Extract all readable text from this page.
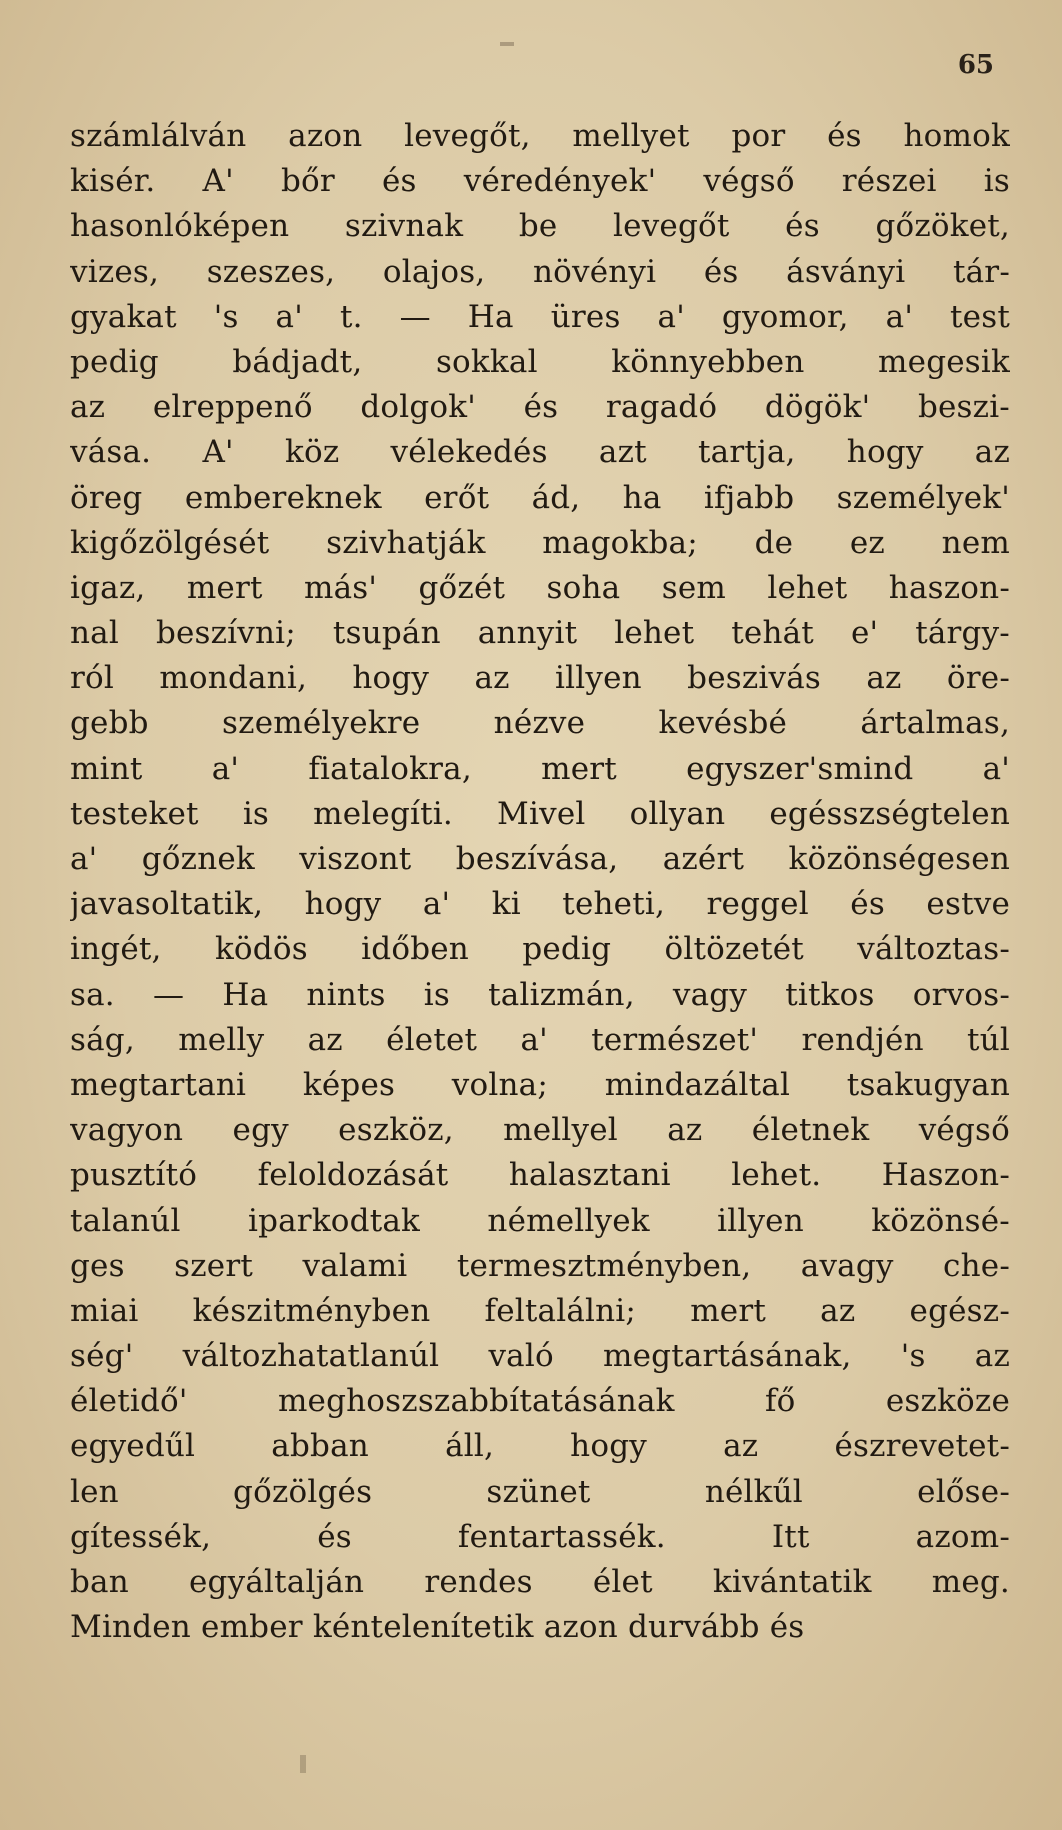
65

számlálván azon levegőt, mellyet por és homok
kisér. A' bőr és véredények' végső részei is
hasonlóképen szivnak be levegőt és gőzöket,
vizes, szeszes, olajos, növényi és ásványi tár-
gyakat 's a' t. — Ha üres a' gyomor, a' test
pedig bádjadt, sokkal könnyebben megesik
az elreppenő dolgok' és ragadó dögök' beszi-
vása. A' köz vélekedés azt tartja, hogy az
öreg embereknek erőt ád, ha ifjabb személyek'
kigőzölgését szivhatják magokba; de ez nem
igaz, mert más' gőzét soha sem lehet haszon-
nal beszívni; tsupán annyit lehet tehát e' tárgy-
ról mondani, hogy az illyen beszivás az öre-
gebb személyekre nézve kevésbé ártalmas,
mint a' fiatalokra, mert egyszer'smind a'
testeket is melegíti. Mivel ollyan egésszségtelen
a' gőznek viszont beszívása, azért közönségesen
javasoltatik, hogy a' ki teheti, reggel és estve
ingét, ködös időben pedig öltözetét változtas-
sa. — Ha nints is talizmán, vagy titkos orvos-
ság, melly az életet a' természet' rendjén túl
megtartani képes volna; mindazáltal tsakugyan
vagyon egy eszköz, mellyel az életnek végső
pusztító feloldozását halasztani lehet. Haszon-
talanúl iparkodtak némellyek illyen közönsé-
ges szert valami termesztményben, avagy che-
miai készitményben feltalálni; mert az egész-
ség' változhatatlanúl való megtartásának, 's az
életidő' meghoszszabbítatásának fő eszköze
egyedűl abban áll, hogy az észrevetet-
len gőzölgés szünet nélkűl előse-
gítessék, és fentartassék. Itt azom-
ban egyáltalján rendes élet kivántatik meg.
Minden ember kéntelenítetik azon durvább és
